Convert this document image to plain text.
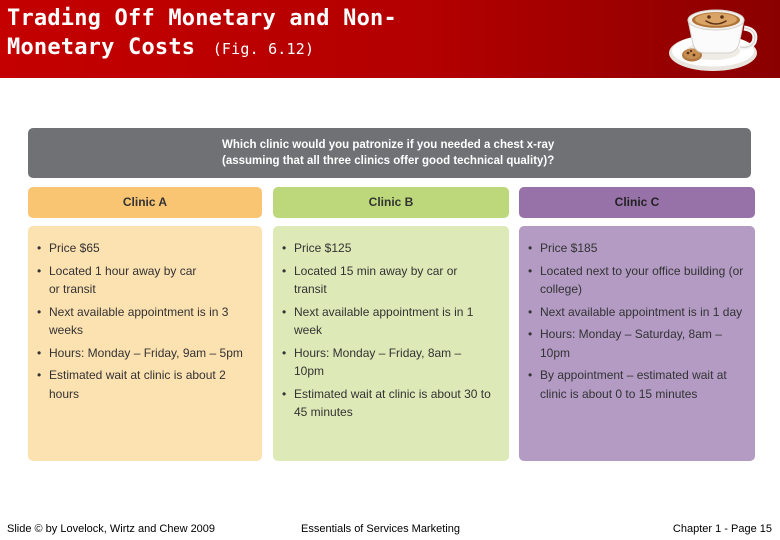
Trading Off Monetary and Non-
Monetary Costs (Fig. 6.12)
Which clinic would you patronize if you needed a chest x-ray
(assuming that all three clinics offer good technical quality)?
Clinic A
• Price $65
• Located 1 hour away by car or transit
• Next available appointment is in 3 weeks
• Hours: Monday – Friday, 9am – 5pm
• Estimated wait at clinic is about 2 hours
Clinic B
• Price $125
• Located 15 min away by car or transit
• Next available appointment is in 1 week
• Hours: Monday – Friday, 8am – 10pm
• Estimated wait at clinic is about 30 to 45 minutes
Clinic C
• Price $185
• Located next to your office building (or college)
• Next available appointment is in 1 day
• Hours: Monday – Saturday, 8am – 10pm
• By appointment – estimated wait at clinic is about 0 to 15 minutes
Slide © by Lovelock, Wirtz and Chew 2009	Essentials of Services Marketing	Chapter 1 - Page 15
